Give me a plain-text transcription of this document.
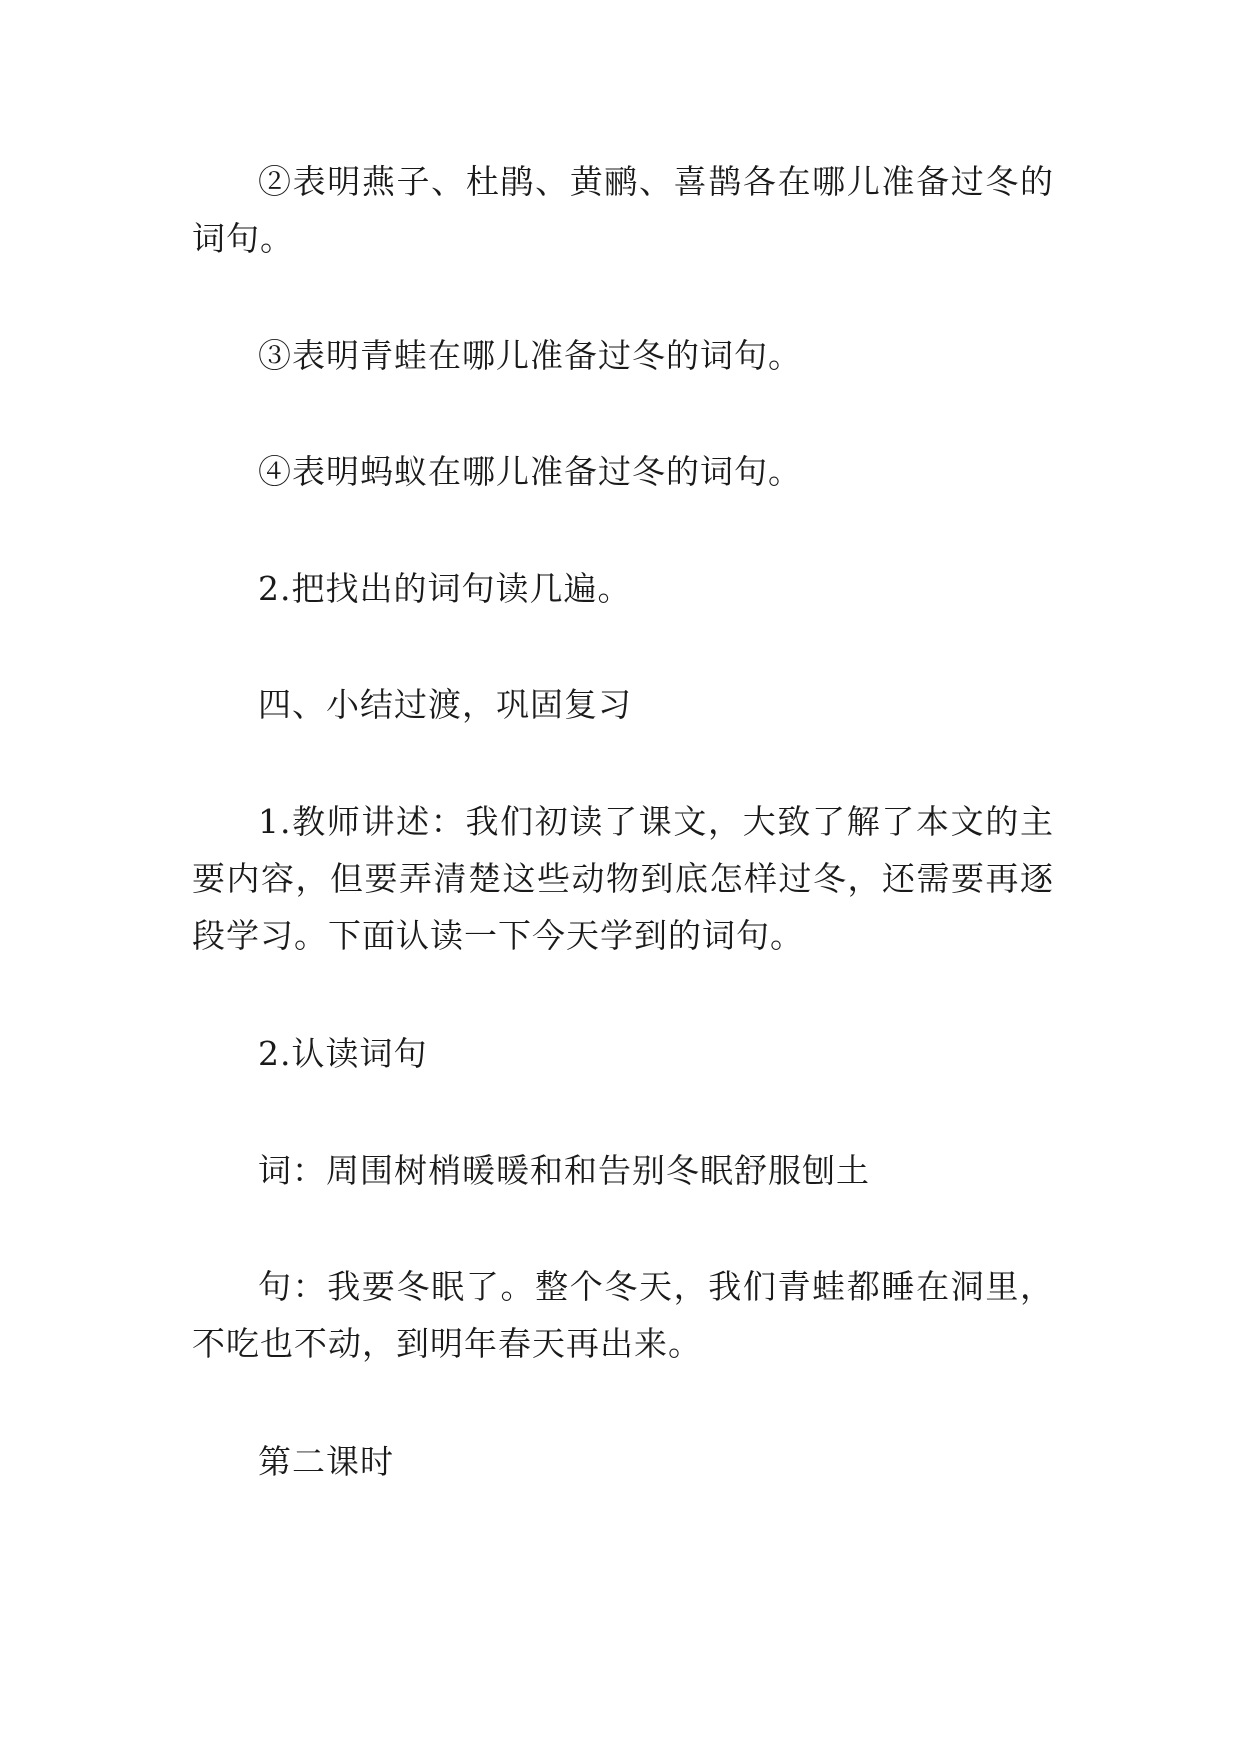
②表明燕子、杜鹃、黄鹂、喜鹊各在哪儿准备过冬的词句。

③表明青蛙在哪儿准备过冬的词句。

④表明蚂蚁在哪儿准备过冬的词句。

2.把找出的词句读几遍。

四、小结过渡，巩固复习

1.教师讲述：我们初读了课文，大致了解了本文的主要内容，但要弄清楚这些动物到底怎样过冬，还需要再逐段学习。下面认读一下今天学到的词句。

2.认读词句

词：周围树梢暖暖和和告别冬眠舒服刨土

句：我要冬眠了。整个冬天，我们青蛙都睡在洞里，不吃也不动，到明年春天再出来。

第二课时
